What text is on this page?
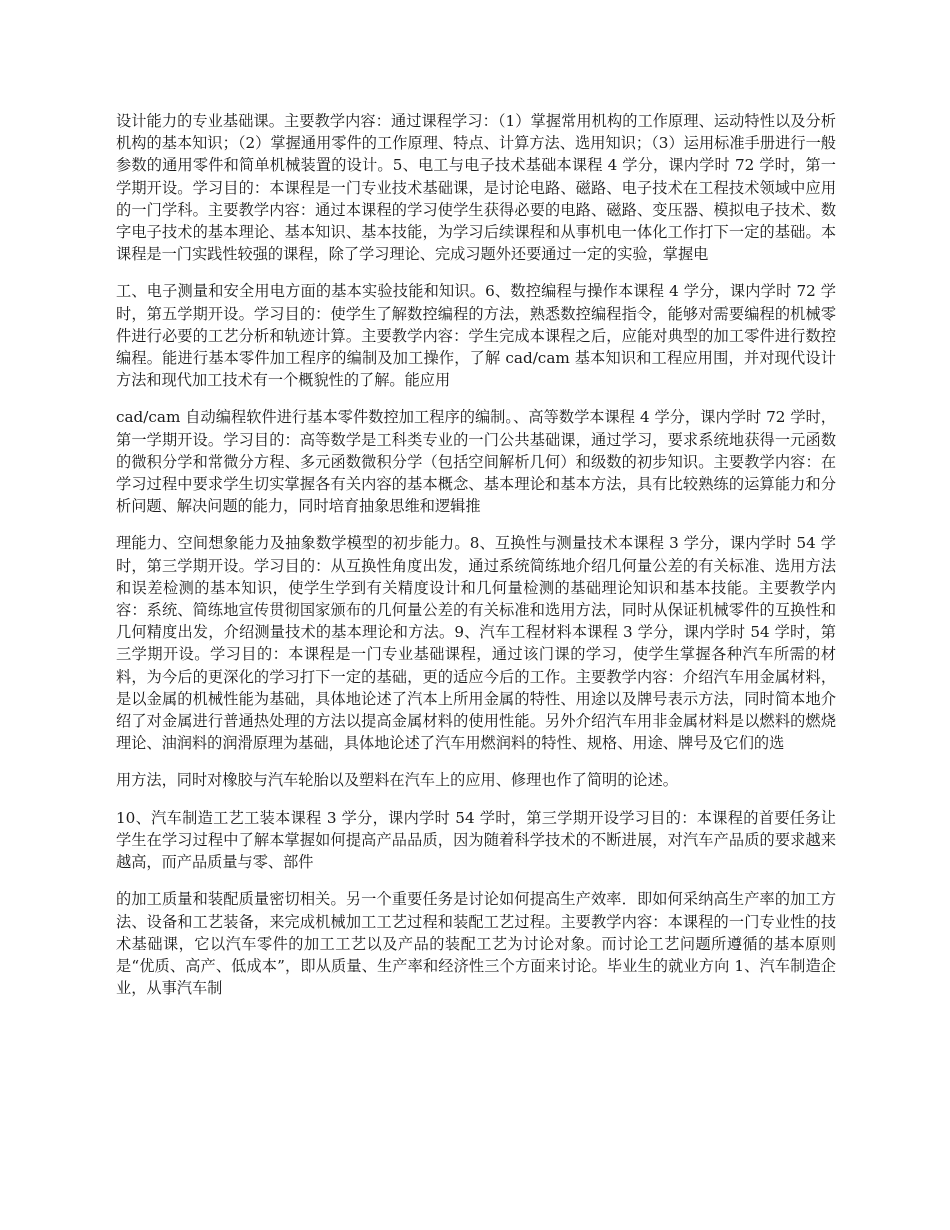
设计能力的专业基础课。主要教学内容：通过课程学习：（1）掌握常用机构的工作原理、运动特性以及分析机构的基本知识；（2）掌握通用零件的工作原理、特点、计算方法、选用知识；（3）运用标准手册进行一般参数的通用零件和简单机械装置的设计。5、电工与电子技术基础本课程 4 学分，课内学时 72 学时，第一学期开设。学习目的：本课程是一门专业技术基础课，是讨论电路、磁路、电子技术在工程技术领域中应用的一门学科。主要教学内容：通过本课程的学习使学生获得必要的电路、磁路、变压器、模拟电子技术、数字电子技术的基本理论、基本知识、基本技能，为学习后续课程和从事机电一体化工作打下一定的基础。本课程是一门实践性较强的课程，除了学习理论、完成习题外还要通过一定的实验，掌握电

工、电子测量和安全用电方面的基本实验技能和知识。6、数控编程与操作本课程 4 学分，课内学时 72 学时，第五学期开设。学习目的：使学生了解数控编程的方法，熟悉数控编程指令，能够对需要编程的机械零件进行必要的工艺分析和轨迹计算。主要教学内容：学生完成本课程之后，应能对典型的加工零件进行数控编程。能进行基本零件加工程序的编制及加工操作，了解 cad/cam 基本知识和工程应用围，并对现代设计方法和现代加工技术有一个概貌性的了解。能应用

cad/cam 自动编程软件进行基本零件数控加工程序的编制。、高等数学本课程 4 学分，课内学时 72 学时，第一学期开设。学习目的：高等数学是工科类专业的一门公共基础课，通过学习，要求系统地获得一元函数的微积分学和常微分方程、多元函数微积分学（包括空间解析几何）和级数的初步知识。主要教学内容：在学习过程中要求学生切实掌握各有关内容的基本概念、基本理论和基本方法，具有比较熟练的运算能力和分析问题、解决问题的能力，同时培育抽象思维和逻辑推

理能力、空间想象能力及抽象数学模型的初步能力。8、互换性与测量技术本课程 3 学分，课内学时 54 学时，第三学期开设。学习目的：从互换性角度出发，通过系统简练地介绍几何量公差的有关标准、选用方法和误差检测的基本知识，使学生学到有关精度设计和几何量检测的基础理论知识和基本技能。主要教学内容：系统、简练地宣传贯彻国家颁布的几何量公差的有关标准和选用方法，同时从保证机械零件的互换性和几何精度出发，介绍测量技术的基本理论和方法。9、汽车工程材料本课程 3 学分，课内学时 54 学时，第三学期开设。学习目的：本课程是一门专业基础课程，通过该门课的学习，使学生掌握各种汽车所需的材料，为今后的更深化的学习打下一定的基础，更的适应今后的工作。主要教学内容：介绍汽车用金属材料，是以金属的机械性能为基础，具体地论述了汽本上所用金属的特性、用途以及牌号表示方法，同时简本地介绍了对金属进行普通热处理的方法以提高金属材料的使用性能。另外介绍汽车用非金属材料是以燃料的燃烧理论、油润料的润滑原理为基础，具体地论述了汽车用燃润料的特性、规格、用途、牌号及它们的选

用方法，同时对橡胶与汽车轮胎以及塑料在汽车上的应用、修理也作了简明的论述。

10、汽车制造工艺工装本课程 3 学分，课内学时 54 学时，第三学期开设学习目的：本课程的首要任务让学生在学习过程中了解本掌握如何提高产品品质，因为随着科学技术的不断进展，对汽车产品质的要求越来越高，而产品质量与零、部件

的加工质量和装配质量密切相关。另一个重要任务是讨论如何提高生产效率．即如何采纳高生产率的加工方法、设备和工艺装备，来完成机械加工工艺过程和装配工艺过程。主要教学内容：本课程的一门专业性的技术基础课，它以汽车零件的加工工艺以及产品的装配工艺为讨论对象。而讨论工艺问题所遵循的基本原则是“优质、高产、低成本”，即从质量、生产率和经济性三个方面来讨论。毕业生的就业方向 1、汽车制造企业，从事汽车制
